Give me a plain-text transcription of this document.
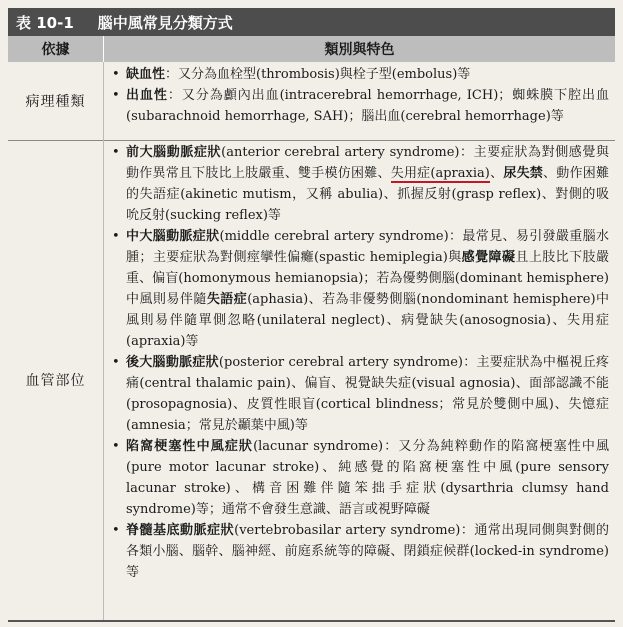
表 10-1	腦中風常見分類方式
依據	類別與特色
病理種類
• 缺血性：又分為血栓型(thrombosis)與栓子型(embolus)等
• 出血性：又分為顱內出血(intracerebral hemorrhage, ICH)；蜘蛛膜下腔出血(subarachnoid hemorrhage, SAH)；腦出血(cerebral hemorrhage)等
血管部位
• 前大腦動脈症狀(anterior cerebral artery syndrome)：主要症狀為對側感覺與動作異常且下肢比上肢嚴重、雙手模仿困難、失用症(apraxia)、尿失禁、動作困難的失語症(akinetic mutism，又稱 abulia)、抓握反射(grasp reflex)、對側的吸吮反射(sucking reflex)等
• 中大腦動脈症狀(middle cerebral artery syndrome)：最常見、易引發嚴重腦水腫；主要症狀為對側痙攣性偏癱(spastic hemiplegia)與感覺障礙且上肢比下肢嚴重、偏盲(homonymous hemianopsia)；若為優勢側腦(dominant hemisphere)中風則易伴隨失語症(aphasia)、若為非優勢側腦(nondominant hemisphere)中風則易伴隨單側忽略(unilateral neglect)、病覺缺失(anosognosia)、失用症(apraxia)等
• 後大腦動脈症狀(posterior cerebral artery syndrome)：主要症狀為中樞視丘疼痛(central thalamic pain)、偏盲、視覺缺失症(visual agnosia)、面部認識不能(prosopagnosia)、皮質性眼盲(cortical blindness；常見於雙側中風)、失憶症(amnesia；常見於顳葉中風)等
• 陷窩梗塞性中風症狀(lacunar syndrome)：又分為純粹動作的陷窩梗塞性中風(pure motor lacunar stroke)、純感覺的陷窩梗塞性中風(pure sensory lacunar stroke)、構音困難伴隨笨拙手症狀(dysarthria clumsy hand syndrome)等；通常不會發生意識、語言或視野障礙
• 脊髓基底動脈症狀(vertebrobasilar artery syndrome)：通常出現同側與對側的各類小腦、腦幹、腦神經、前庭系統等的障礙、閉鎖症候群(locked-in syndrome)等
